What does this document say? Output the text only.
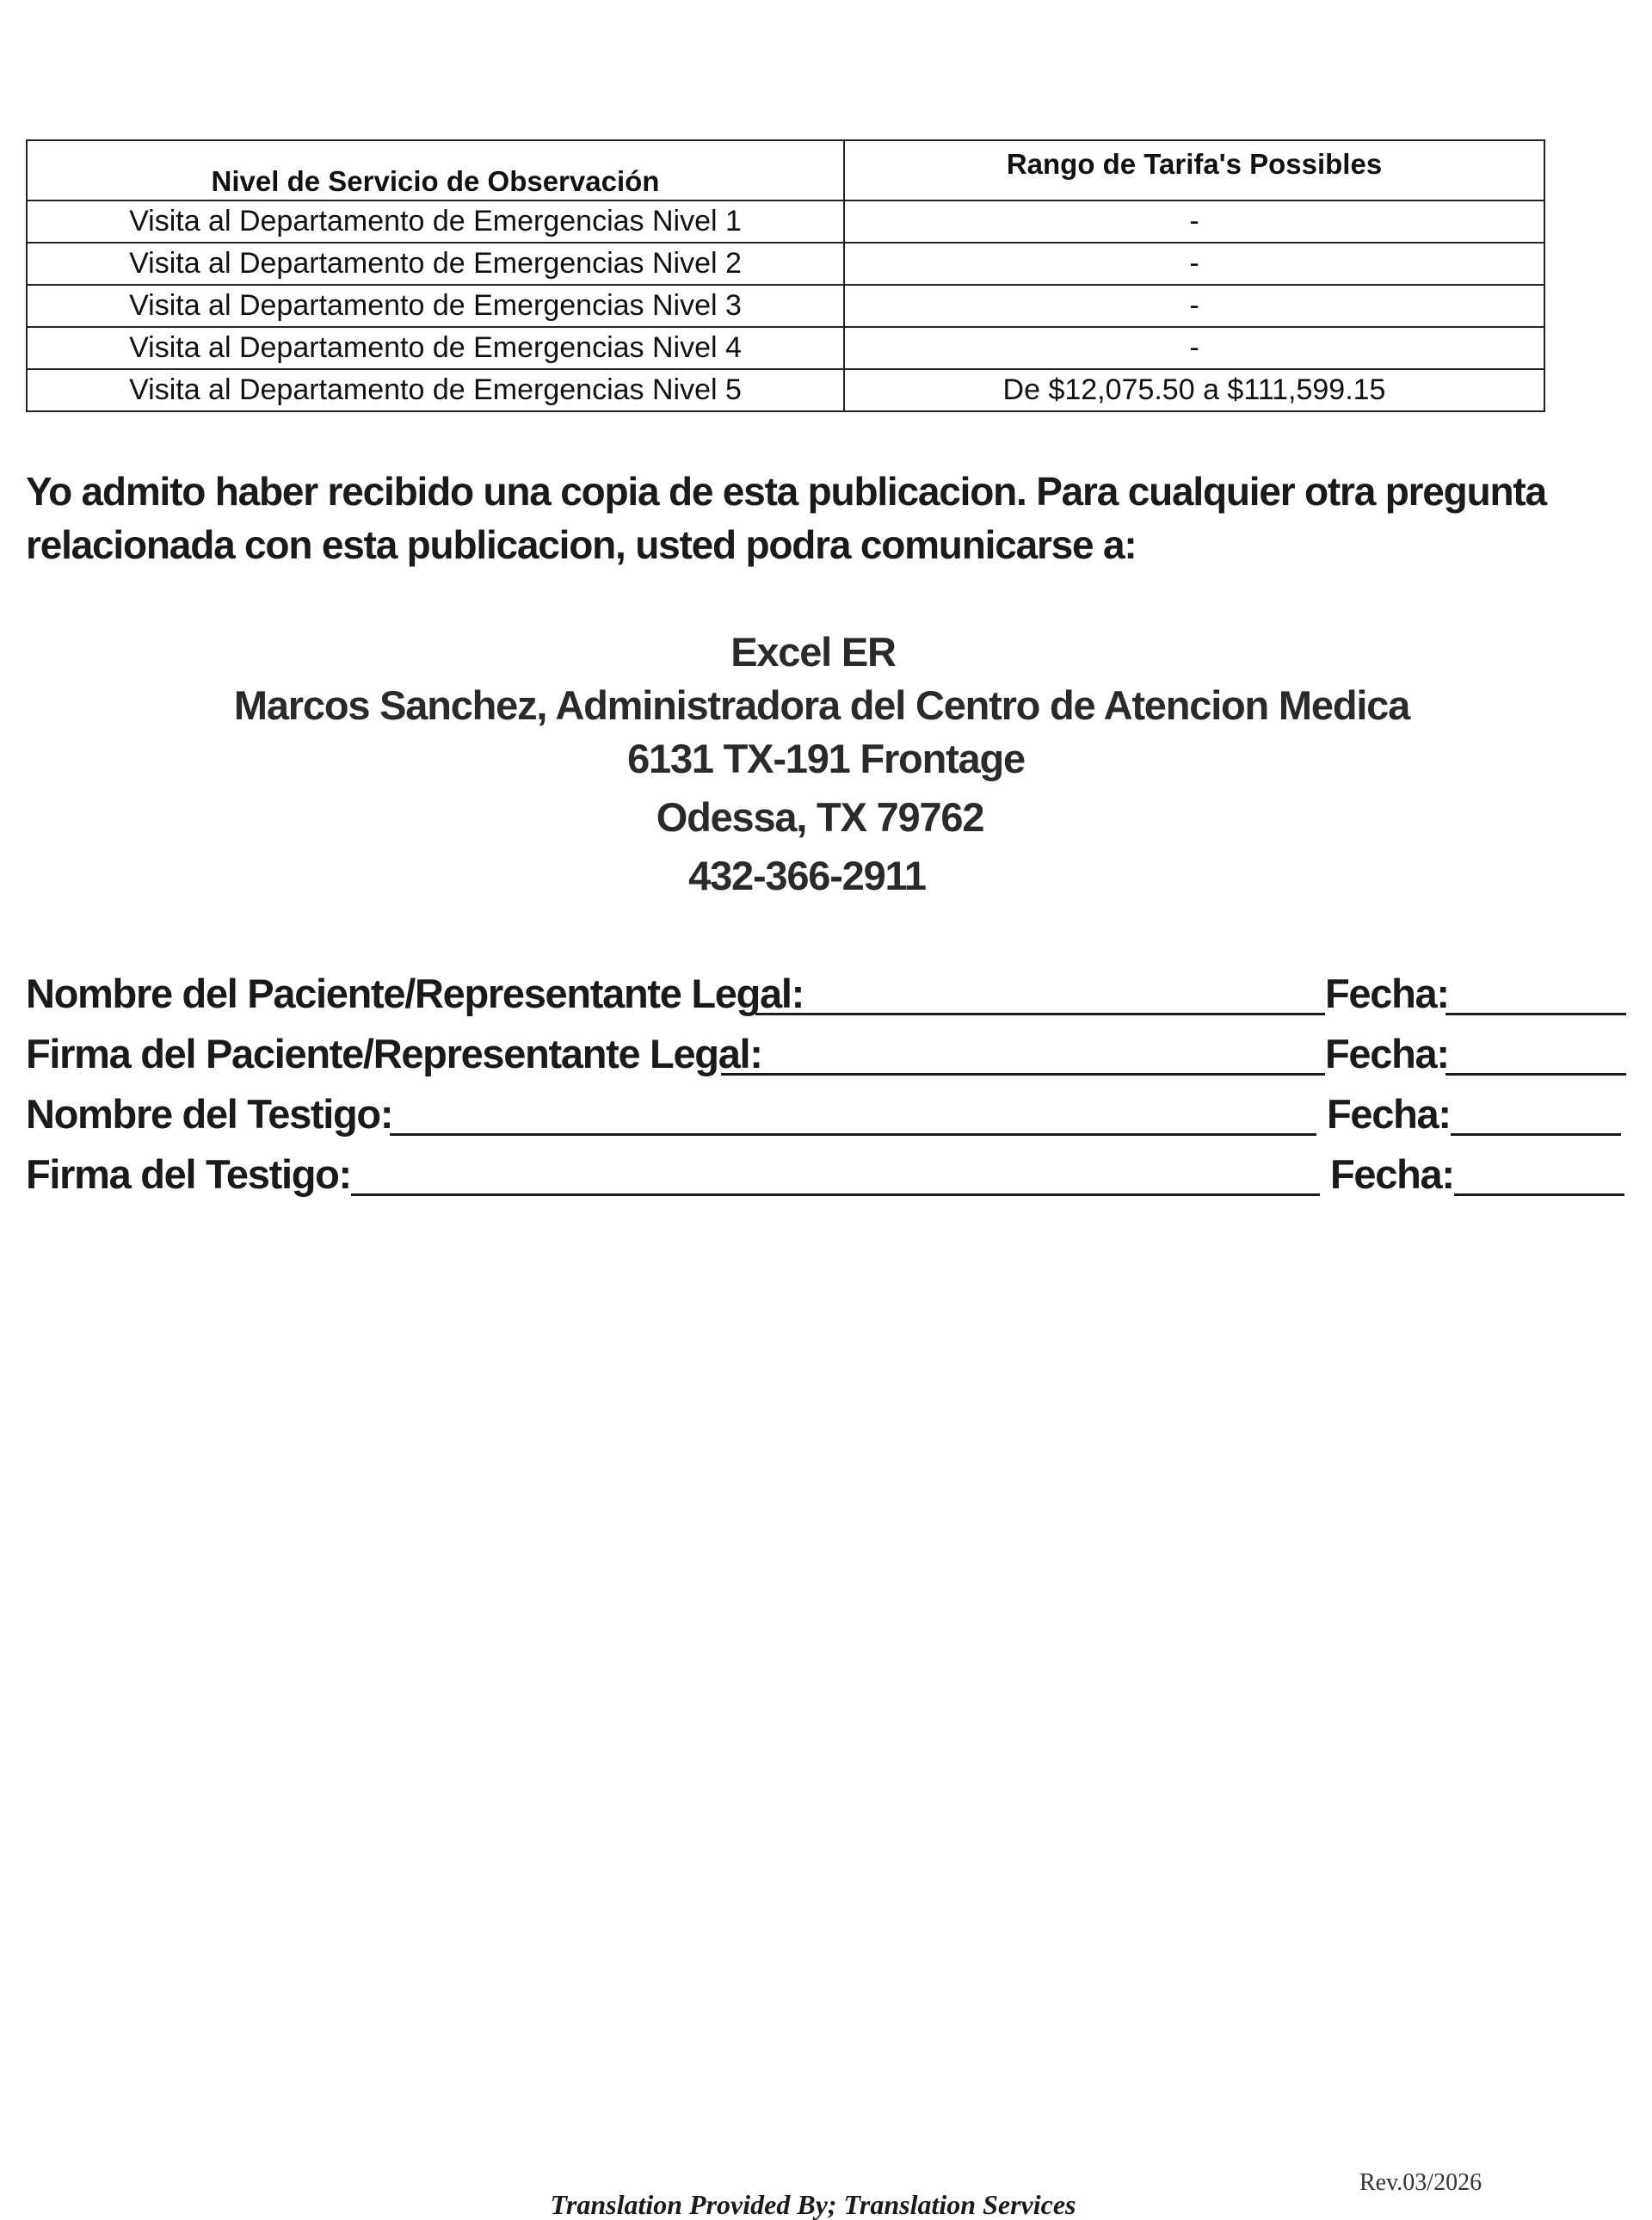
Nivel de Servicio de Observación	Rango de Tarifa's Possibles
Visita al Departamento de Emergencias Nivel 1	-
Visita al Departamento de Emergencias Nivel 2	-
Visita al Departamento de Emergencias Nivel 3	-
Visita al Departamento de Emergencias Nivel 4	-
Visita al Departamento de Emergencias Nivel 5	De $12,075.50 a $111,599.15

Yo admito haber recibido una copia de esta publicacion. Para cualquier otra pregunta relacionada con esta publicacion, usted podra comunicarse a:

Excel ER

Marcos Sanchez, Administradora del Centro de Atencion Medica

6131 TX-191 Frontage

Odessa, TX 79762

432-366-2911

Nombre del Paciente/Representante Legal:	Fecha:
Firma del Paciente/Representante Legal:	Fecha:
Nombre del Testigo:	Fecha:
Firma del Testigo:	Fecha:

Rev.03/2026

Translation Provided By; Translation Services
